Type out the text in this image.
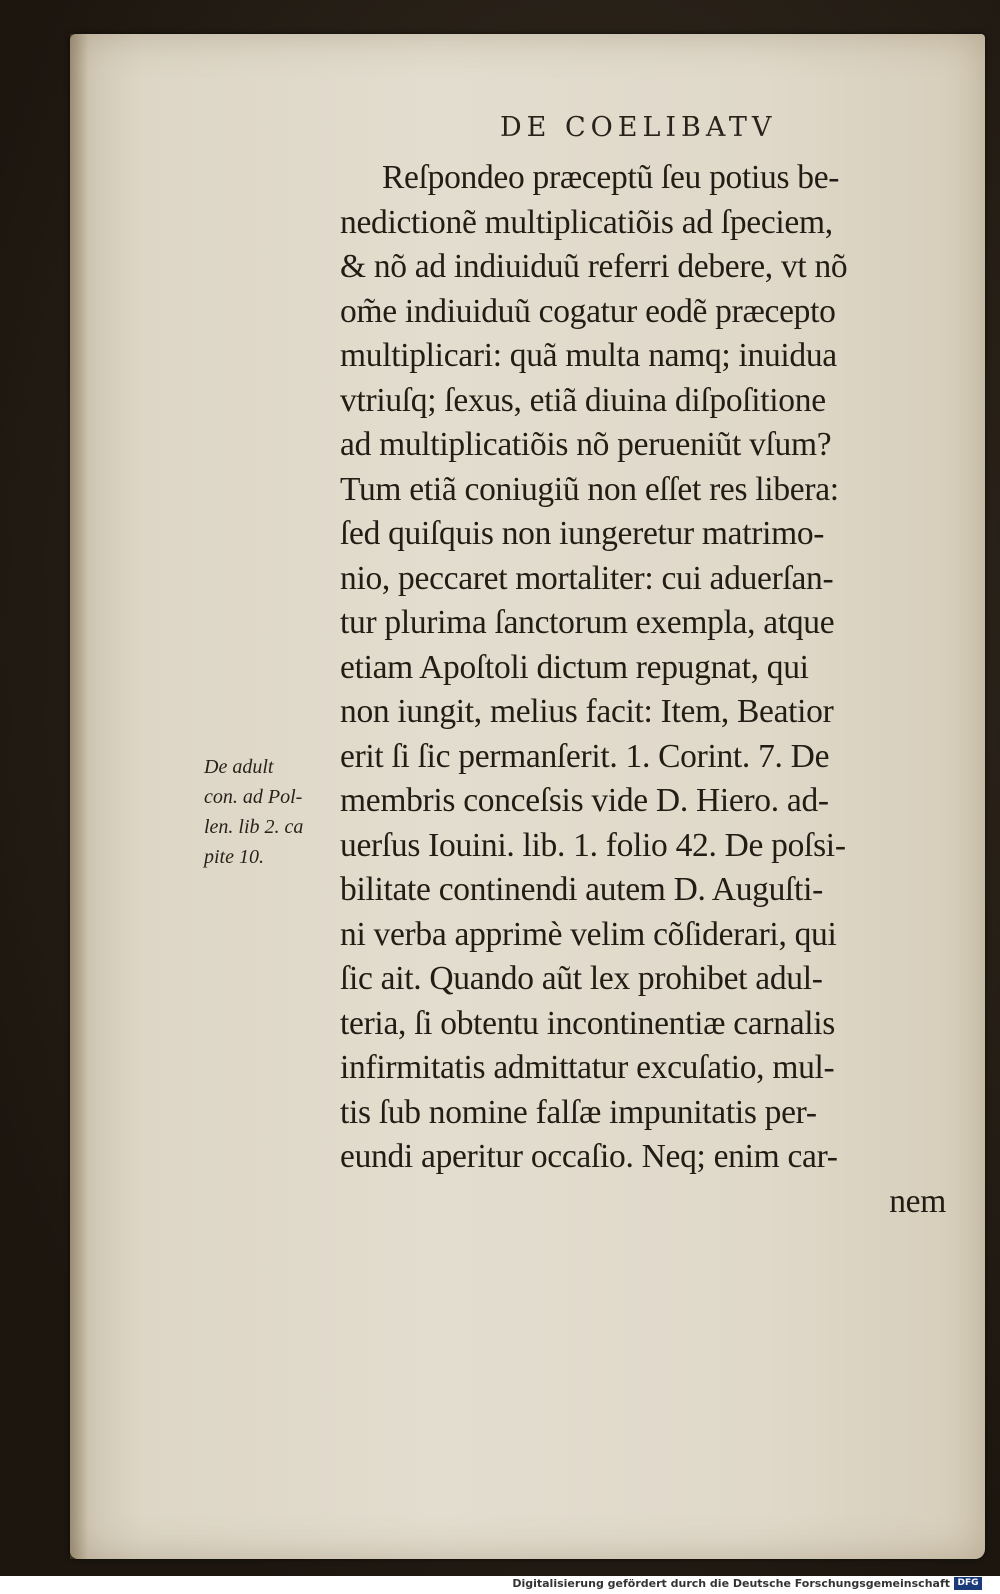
DE COELIBATV
Reſpondeo præceptũ ſeu potius be-
nedictionẽ multiplicatiõis ad ſpeciem,
& nõ ad indiuiduũ referri debere, vt nõ
om̃e indiuiduũ cogatur eodẽ præcepto
multiplicari: quã multa namq; inuidua
vtriuſq; ſexus, etiã diuina diſpoſitione
ad multiplicatiõis nõ perueniũt vſum?
Tum etiã coniugiũ non eſſet res libera:
ſed quiſquis non iungeretur matrimo-
nio, peccaret mortaliter: cui aduerſan-
tur plurima ſanctorum exempla, atque
etiam Apoſtoli dictum repugnat, qui
non iungit, melius facit: Item, Beatior
erit ſi ſic permanſerit. 1. Corint. 7. De
membris conceſsis vide D. Hiero. ad-
uerſus Iouini. lib. 1. folio 42. De poſsi-
bilitate continendi autem D. Auguſti-
ni verba apprimè velim cõſiderari, qui
ſic ait. Quando aũt lex prohibet adul-
teria, ſi obtentu incontinentiæ carnalis
infirmitatis admittatur excuſatio, mul-
tis ſub nomine falſæ impunitatis per-
eundi aperitur occaſio. Neq; enim car-
nem
De adult
con. ad Pol-
len. lib 2. ca
pite 10.
Digitalisierung gefördert durch die Deutsche Forschungsgemeinschaft DFG
